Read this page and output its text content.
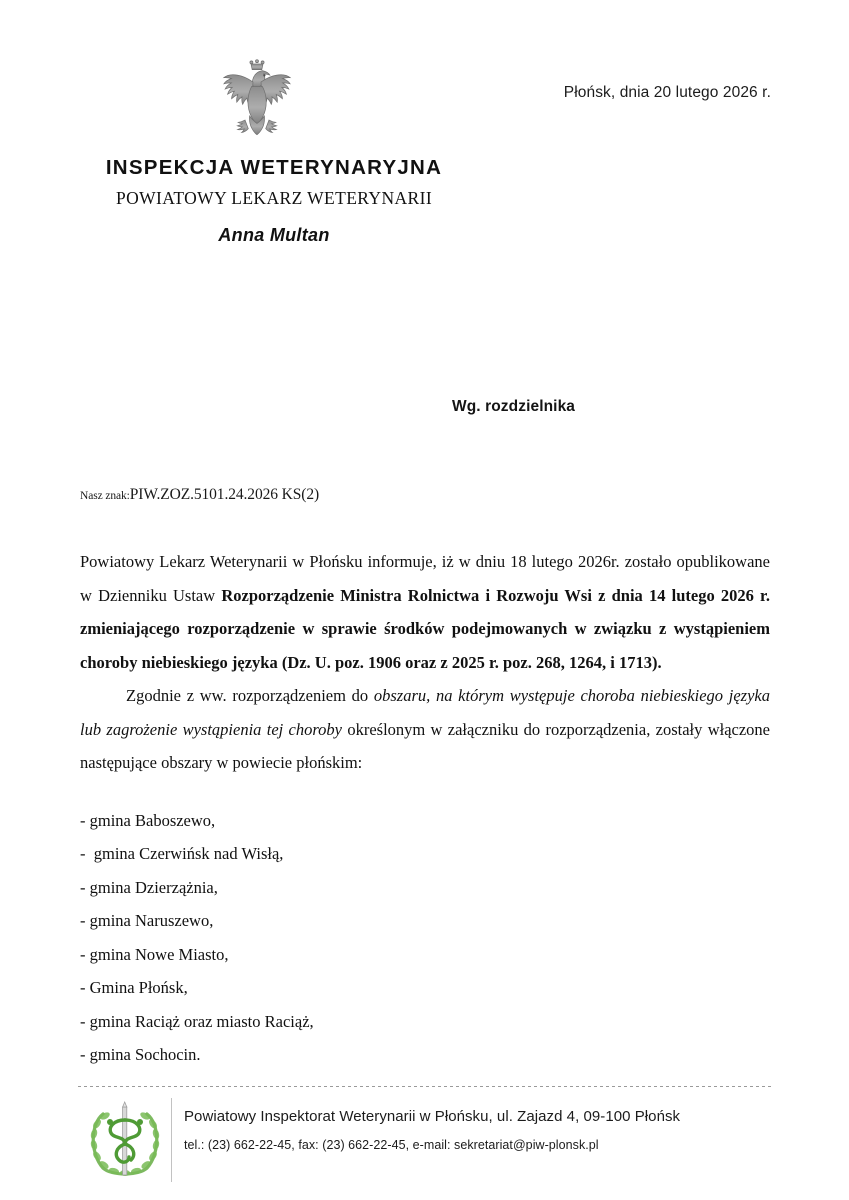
Płońsk, dnia 20 lutego 2026 r.
INSPEKCJA WETERYNARYJNA
POWIATOWY LEKARZ WETERYNARII
Anna Multan
Wg. rozdzielnika
Nasz znak:PIW.ZOZ.5101.24.2026 KS(2)

Powiatowy Lekarz Weterynarii w Płońsku informuje, iż w dniu 18 lutego 2026r. zostało opublikowane w Dzienniku Ustaw Rozporządzenie Ministra Rolnictwa i Rozwoju Wsi z dnia 14 lutego 2026 r. zmieniającego rozporządzenie w sprawie środków podejmowanych w związku z wystąpieniem choroby niebieskiego języka (Dz. U. poz. 1906 oraz z 2025 r. poz. 268, 1264, i 1713).

Zgodnie z ww. rozporządzeniem do obszaru, na którym występuje choroba niebieskiego języka lub zagrożenie wystąpienia tej choroby określonym w załączniku do rozporządzenia, zostały włączone następujące obszary w powiecie płońskim:

- gmina Baboszewo,
-  gmina Czerwińsk nad Wisłą,
- gmina Dzierzążnia,
- gmina Naruszewo,
- gmina Nowe Miasto,
- Gmina Płońsk,
- gmina Raciąż oraz miasto Raciąż,
- gmina Sochocin.
Powiatowy Inspektorat Weterynarii w Płońsku, ul. Zajazd 4, 09-100 Płońsk
tel.: (23) 662-22-45, fax: (23) 662-22-45, e-mail: sekretariat@piw-plonsk.pl
